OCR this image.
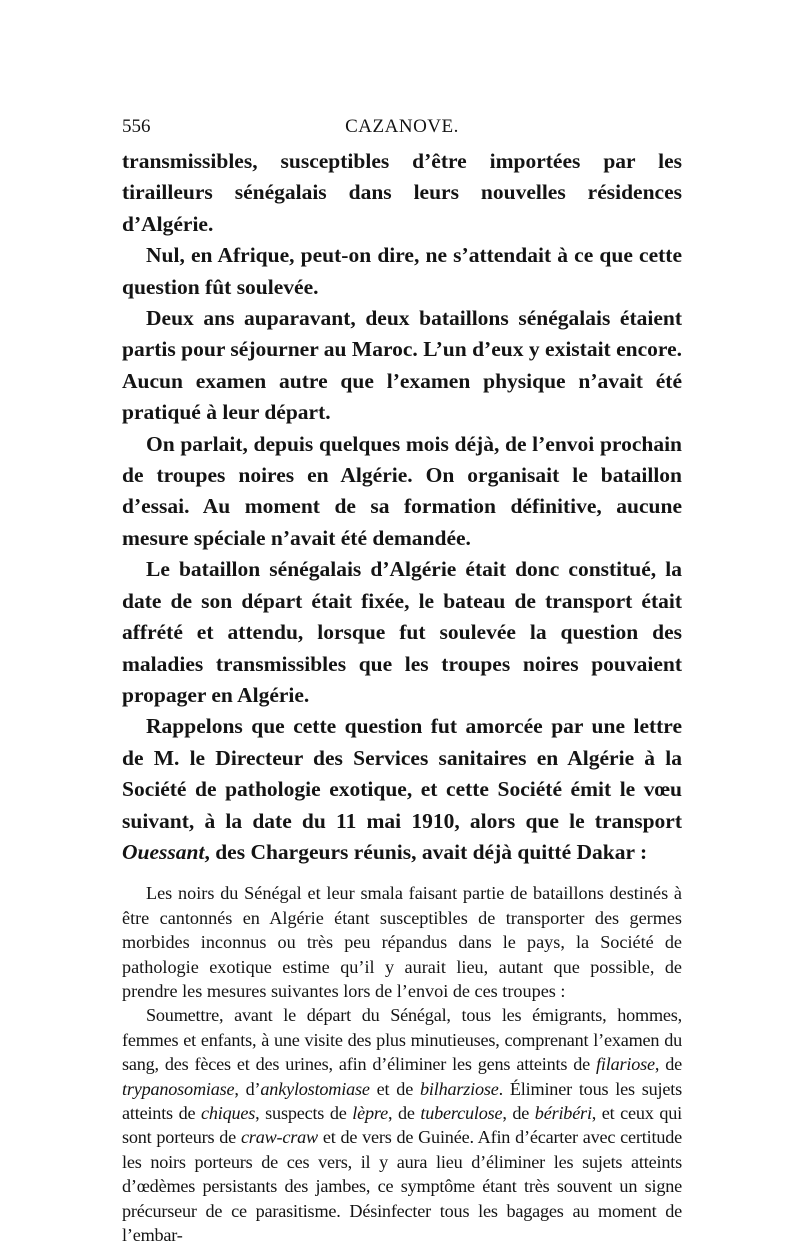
556	CAZANOVE.

transmissibles, susceptibles d’être importées par les tirailleurs sénégalais dans leurs nouvelles résidences d’Algérie.

Nul, en Afrique, peut-on dire, ne s’attendait à ce que cette question fût soulevée.

Deux ans auparavant, deux bataillons sénégalais étaient partis pour séjourner au Maroc. L’un d’eux y existait encore. Aucun examen autre que l’examen physique n’avait été pratiqué à leur départ.

On parlait, depuis quelques mois déjà, de l’envoi prochain de troupes noires en Algérie. On organisait le bataillon d’essai. Au moment de sa formation définitive, aucune mesure spéciale n’avait été demandée.

Le bataillon sénégalais d’Algérie était donc constitué, la date de son départ était fixée, le bateau de transport était affrété et attendu, lorsque fut soulevée la question des maladies transmissibles que les troupes noires pouvaient propager en Algérie.

Rappelons que cette question fut amorcée par une lettre de M. le Directeur des Services sanitaires en Algérie à la Société de pathologie exotique, et cette Société émit le vœu suivant, à la date du 11 mai 1910, alors que le transport Ouessant, des Chargeurs réunis, avait déjà quitté Dakar :

Les noirs du Sénégal et leur smala faisant partie de bataillons destinés à être cantonnés en Algérie étant susceptibles de transporter des germes morbides inconnus ou très peu répandus dans le pays, la Société de pathologie exotique estime qu’il y aurait lieu, autant que possible, de prendre les mesures suivantes lors de l’envoi de ces troupes :

Soumettre, avant le départ du Sénégal, tous les émigrants, hommes, femmes et enfants, à une visite des plus minutieuses, comprenant l’examen du sang, des fèces et des urines, afin d’éliminer les gens atteints de filariose, de trypanosomiase, d’ankylostomiase et de bilharziose. Éliminer tous les sujets atteints de chiques, suspects de lèpre, de tuberculose, de béribéri, et ceux qui sont porteurs de craw-craw et de vers de Guinée. Afin d’écarter avec certitude les noirs porteurs de ces vers, il y aura lieu d’éliminer les sujets atteints d’œdèmes persistants des jambes, ce symptôme étant très souvent un signe précurseur de ce parasitisme. Désinfecter tous les bagages au moment de l’embar-
